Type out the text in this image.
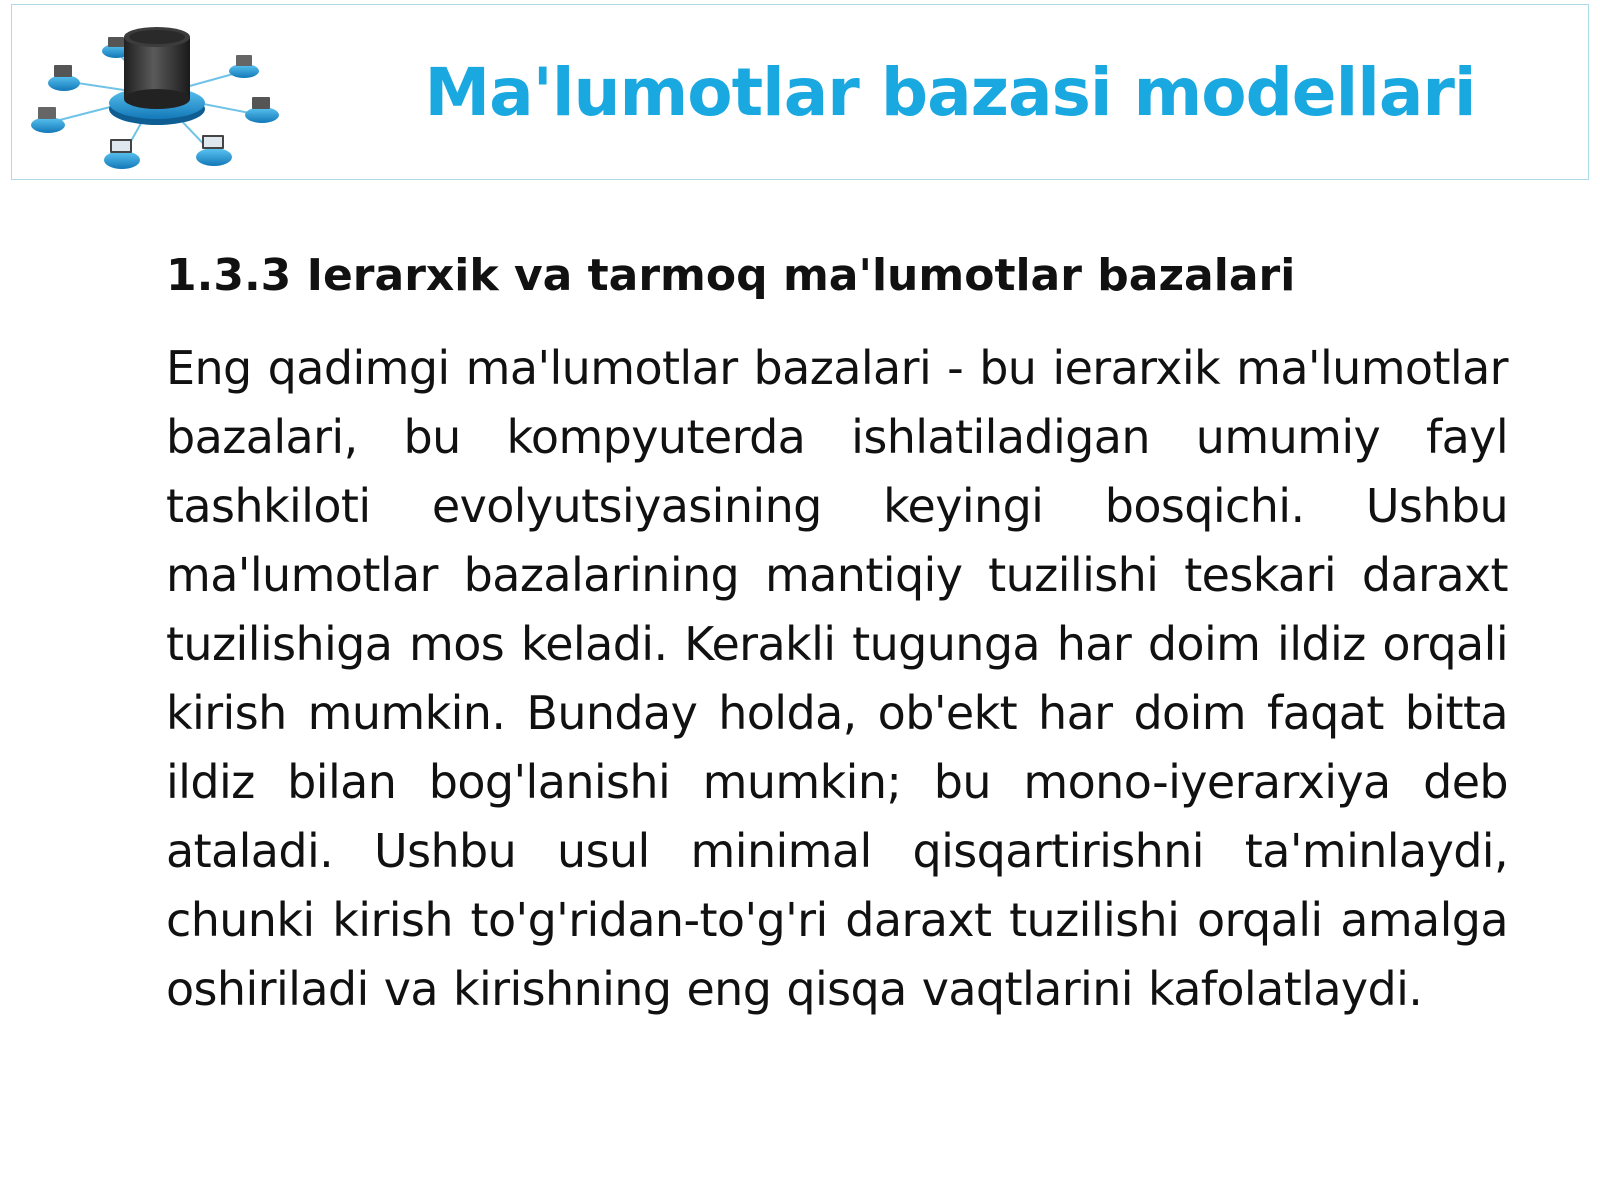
Ma'lumotlar bazasi modellari
1.3.3 Ierarxik va tarmoq ma'lumotlar bazalari

Eng qadimgi ma'lumotlar bazalari - bu ierarxik ma'lumotlar bazalari, bu kompyuterda ishlatiladigan umumiy fayl tashkiloti evolyutsiyasining keyingi bosqichi. Ushbu ma'lumotlar bazalarining mantiqiy tuzilishi teskari daraxt tuzilishiga mos keladi. Kerakli tugunga har doim ildiz orqali kirish mumkin. Bunday holda, ob'ekt har doim faqat bitta ildiz bilan bog'lanishi mumkin; bu mono-iyerarxiya deb ataladi. Ushbu usul minimal qisqartirishni ta'minlaydi, chunki kirish to'g'ridan-to'g'ri daraxt tuzilishi orqali amalga oshiriladi va kirishning eng qisqa vaqtlarini kafolatlaydi.
